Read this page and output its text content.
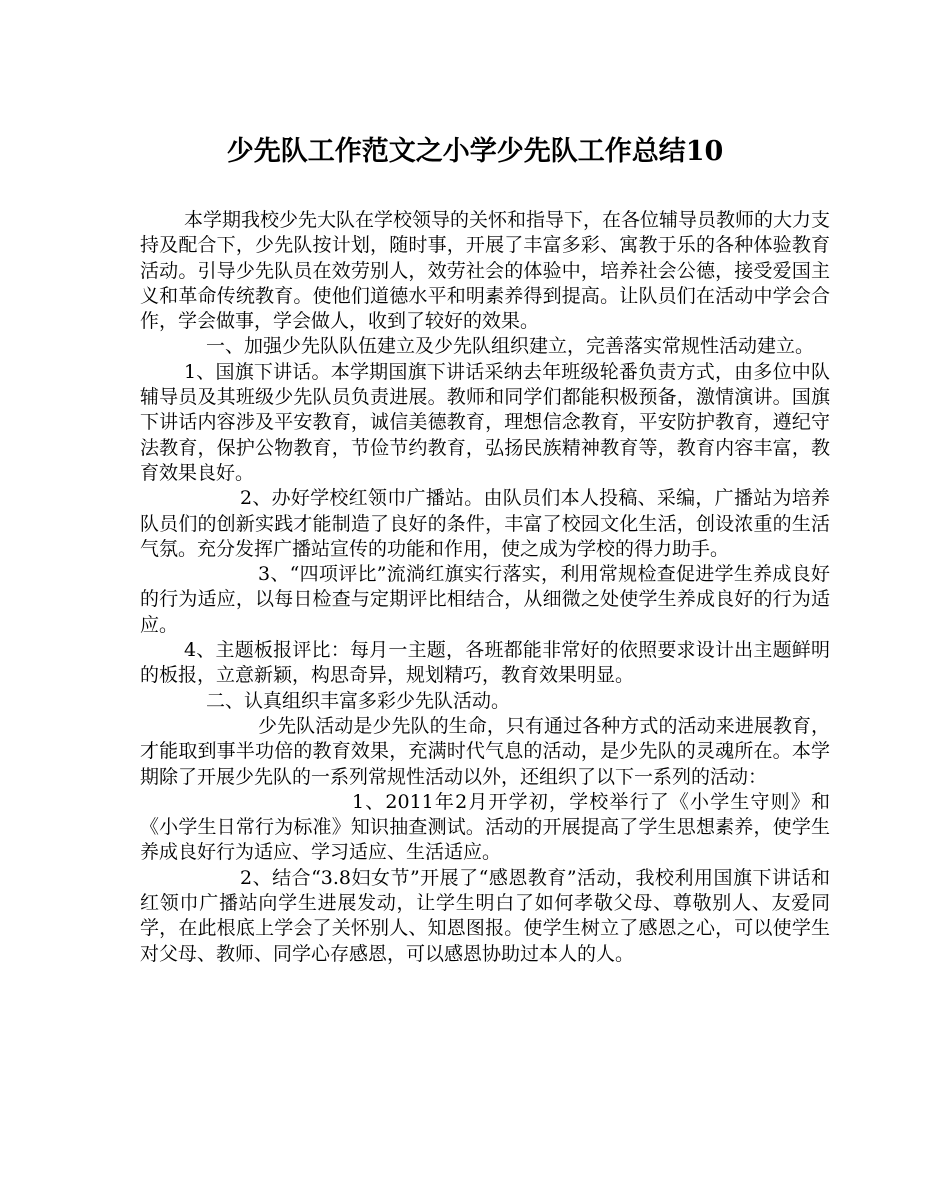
少先队工作范文之小学少先队工作总结10

本学期我校少先大队在学校领导的关怀和指导下，在各位辅导员教师的大力支持及配合下，少先队按计划，随时事，开展了丰富多彩、寓教于乐的各种体验教育活动。引导少先队员在效劳别人，效劳社会的体验中，培养社会公德，接受爱国主义和革命传统教育。使他们道德水平和明素养得到提高。让队员们在活动中学会合作，学会做事，学会做人，收到了较好的效果。

一、加强少先队队伍建立及少先队组织建立，完善落实常规性活动建立。

1、国旗下讲话。本学期国旗下讲话采纳去年班级轮番负责方式，由多位中队辅导员及其班级少先队员负责进展。教师和同学们都能积极预备，激情演讲。国旗下讲话内容涉及平安教育，诚信美德教育，理想信念教育，平安防护教育，遵纪守法教育，保护公物教育，节俭节约教育，弘扬民族精神教育等，教育内容丰富，教育效果良好。

2、办好学校红领巾广播站。由队员们本人投稿、采编，广播站为培养队员们的创新实践才能制造了良好的条件，丰富了校园文化生活，创设浓重的生活气氛。充分发挥广播站宣传的功能和作用，使之成为学校的得力助手。

3、“四项评比”流淌红旗实行落实，利用常规检查促进学生养成良好的行为适应，以每日检查与定期评比相结合，从细微之处使学生养成良好的行为适应。

4、主题板报评比：每月一主题，各班都能非常好的依照要求设计出主题鲜明的板报，立意新颖，构思奇异，规划精巧，教育效果明显。

二、认真组织丰富多彩少先队活动。

少先队活动是少先队的生命，只有通过各种方式的活动来进展教育，才能取到事半功倍的教育效果，充满时代气息的活动，是少先队的灵魂所在。本学期除了开展少先队的一系列常规性活动以外，还组织了以下一系列的活动：

1、2011年2月开学初，学校举行了《小学生守则》和《小学生日常行为标准》知识抽查测试。活动的开展提高了学生思想素养，使学生养成良好行为适应、学习适应、生活适应。

2、结合“3.8妇女节”开展了“感恩教育”活动，我校利用国旗下讲话和红领巾广播站向学生进展发动，让学生明白了如何孝敬父母、尊敬别人、友爱同学，在此根底上学会了关怀别人、知恩图报。使学生树立了感恩之心，可以使学生对父母、教师、同学心存感恩，可以感恩协助过本人的人。
